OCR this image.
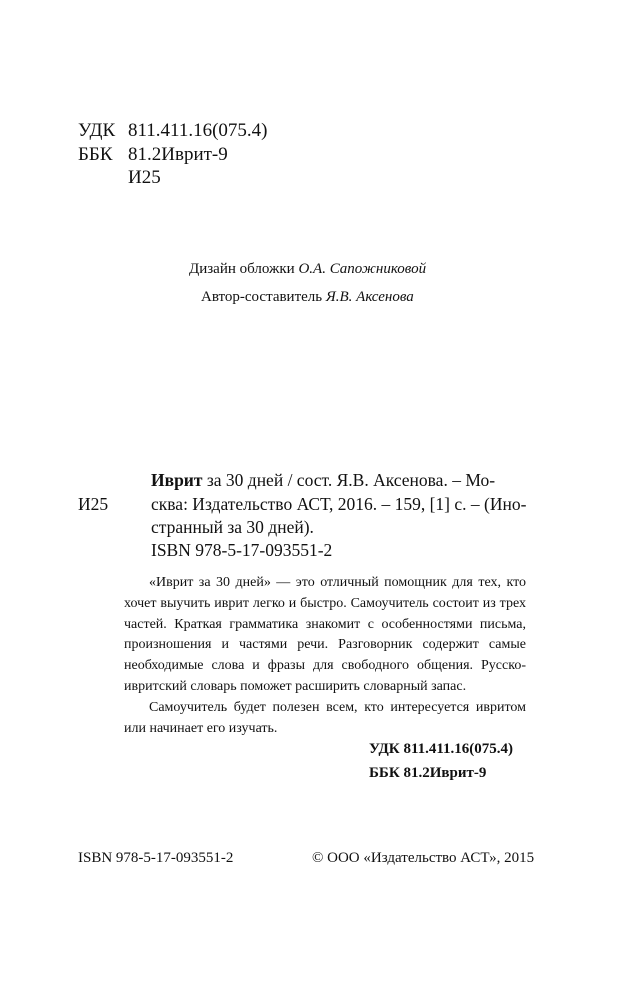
УДК 811.411.16(075.4)
ББК 81.2Иврит-9
И25
Дизайн обложки О.А. Сапожниковой
Автор-составитель Я.В. Аксенова
Иврит за 30 дней / сост. Я.В. Аксенова. – Мо-
И25 сква: Издательство АСТ, 2016. – 159, [1] с. – (Ино-
странный за 30 дней).
ISBN 978-5-17-093551-2

«Иврит за 30 дней» — это отличный помощник для тех, кто хочет выучить иврит легко и быстро. Самоучитель состоит из трех частей. Краткая грамматика знакомит с особенностями письма, произношения и частями речи. Разговорник содержит самые необходимые слова и фразы для свободного общения. Русско-ивритский словарь поможет расширить словарный запас.

Самоучитель будет полезен всем, кто интересуется ивритом или начинает его изучать.

УДК 811.411.16(075.4)
ББК 81.2Иврит-9
ISBN 978-5-17-093551-2	© ООО «Издательство АСТ», 2015
